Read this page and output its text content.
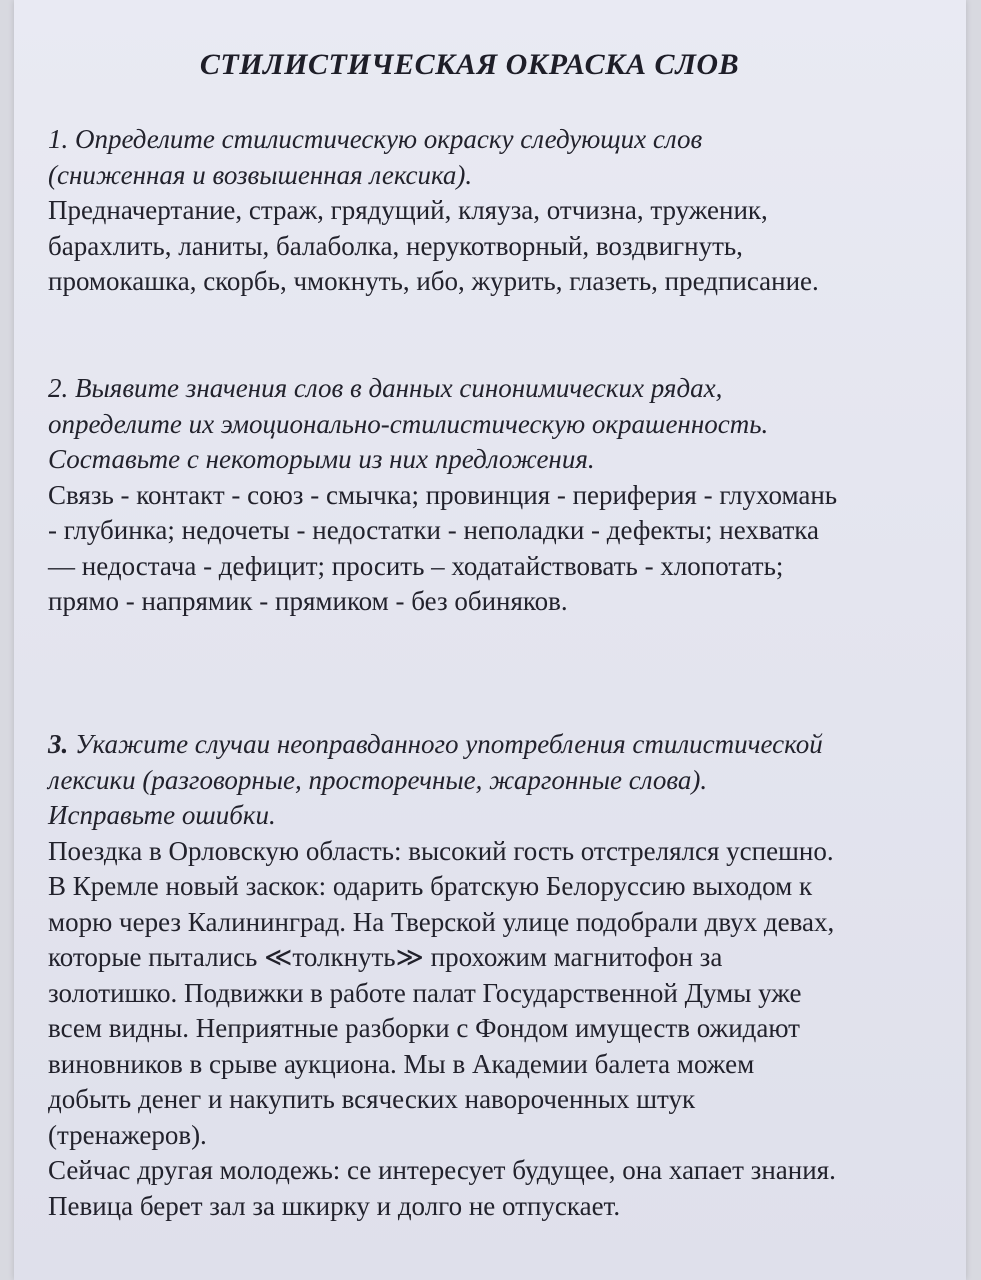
СТИЛИСТИЧЕСКАЯ ОКРАСКА СЛОВ

1. Определите стилистическую окраску следующих слов (сниженная и возвышенная лексика).

Предначертание, страж, грядущий, кляуза, отчизна, труженик, барахлить, ланиты, балаболка, нерукотворный, воздвигнуть, промокашка, скорбь, чмокнуть, ибо, журить, глазеть, предписание.

2. Выявите значения слов в данных синонимических рядах, определите их эмоционально-стилистическую окрашенность. Составьте с некоторыми из них предложения.

Связь - контакт - союз - смычка; провинция - периферия - глухомань - глубинка; недочеты - недостатки - неполадки - дефекты; нехватка — недостача - дефицит; просить – ходатайствовать - хлопотать; прямо - напрямик - прямиком - без обиняков.

3. Укажите случаи неоправданного употребления стилистической лексики (разговорные, просторечные, жаргонные слова). Исправьте ошибки.

Поездка в Орловскую область: высокий гость отстрелялся успешно. В Кремле новый заскок: одарить братскую Белоруссию выходом к морю через Калининград. На Тверской улице подобрали двух девах, которые пытались ≪толкнуть≫ прохожим магнитофон за золотишко. Подвижки в работе палат Государственной Думы уже всем видны. Неприятные разборки с Фондом имуществ ожидают виновников в срыве аукциона. Мы в Академии балета можем добыть денег и накупить всяческих навороченных штук (тренажеров).

Сейчас другая молодежь: се интересует будущее, она хапает знания. Певица берет зал за шкирку и долго не отпускает.
